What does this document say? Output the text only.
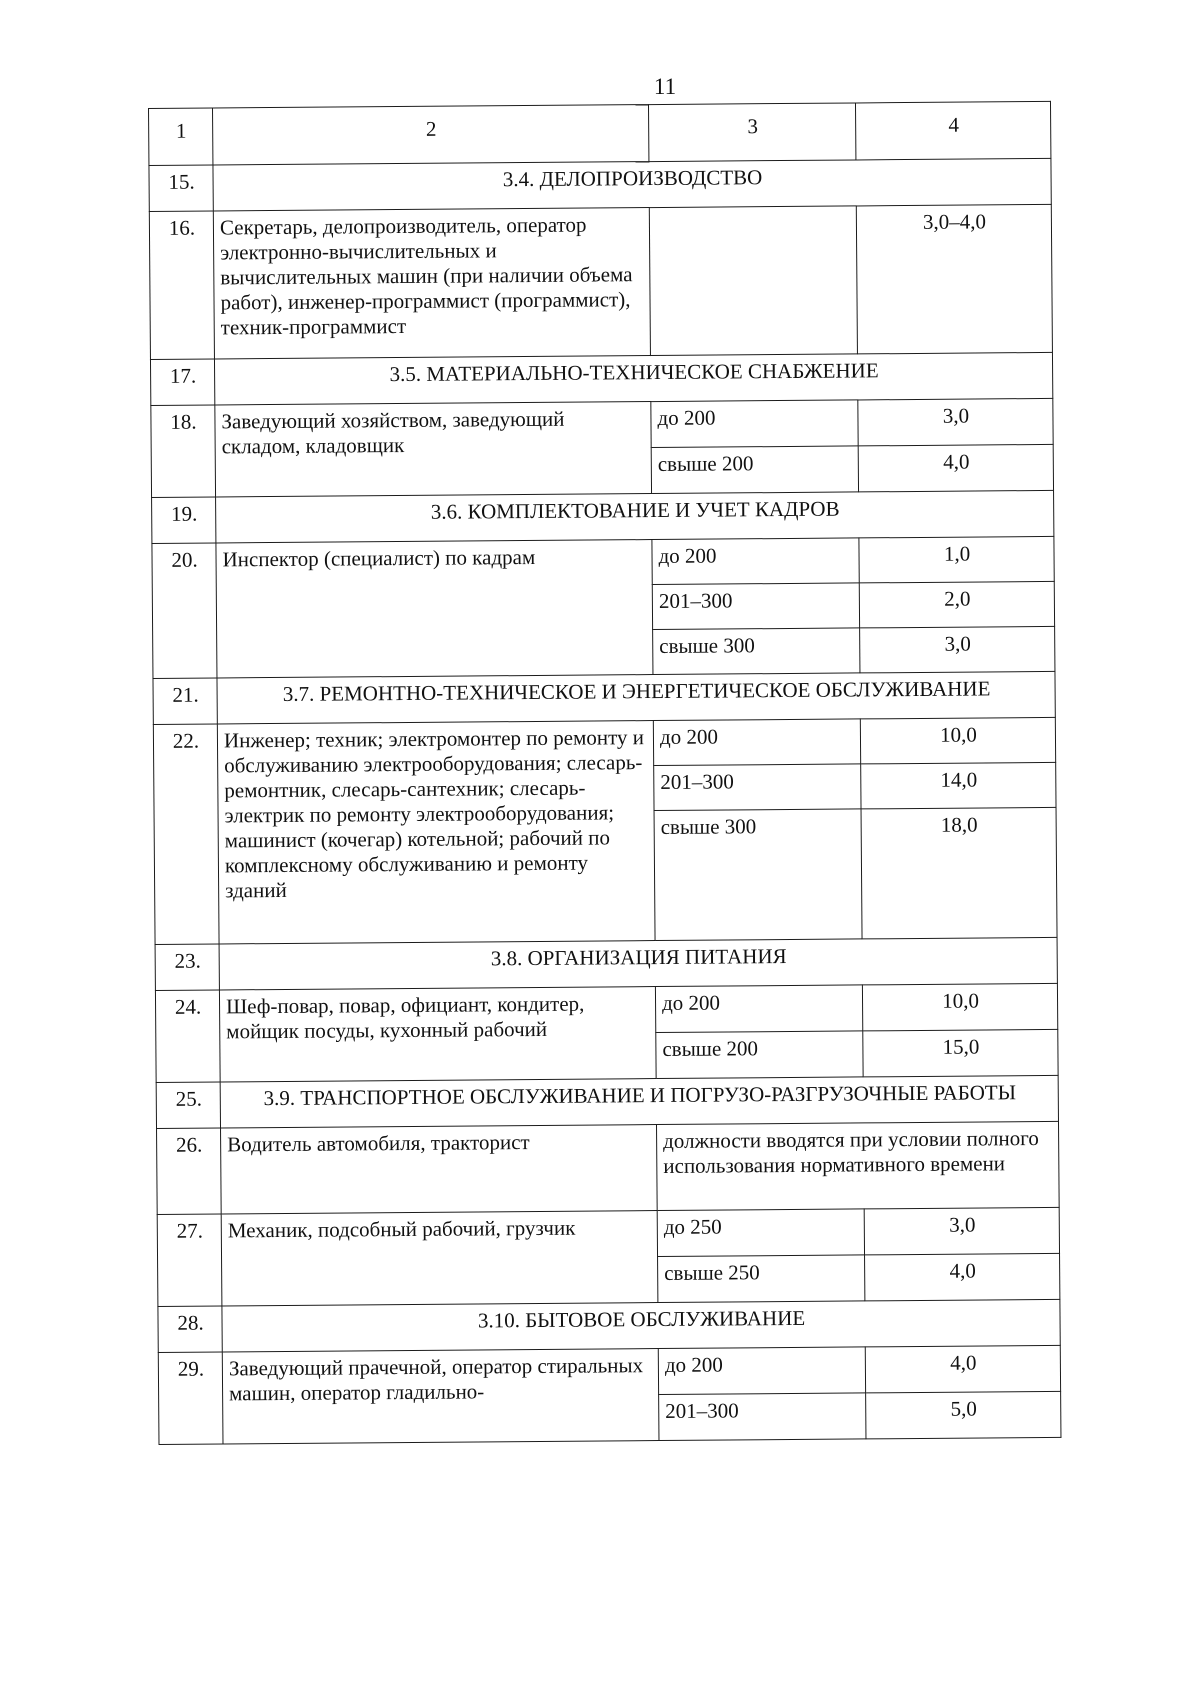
11
1	2	3	4
15.	3.4. ДЕЛОПРОИЗВОДСТВО		
16.	Секретарь, делопроизводитель, оператор электронно-вычислительных и вычислительных машин (при наличии объема работ), инженер-программист (программист), техник-программист		3,0–4,0
17.	3.5. МАТЕРИАЛЬНО-ТЕХНИЧЕСКОЕ СНАБЖЕНИЕ		
18.	Заведующий хозяйством, заведующий складом, кладовщик	до 200	3,0
		свыше 200	4,0
19.	3.6. КОМПЛЕКТОВАНИЕ И УЧЕТ КАДРОВ		
20.	Инспектор (специалист) по кадрам	до 200	1,0
		201–300	2,0
		свыше 300	3,0
21.	3.7. РЕМОНТНО-ТЕХНИЧЕСКОЕ И ЭНЕРГЕТИЧЕСКОЕ ОБСЛУЖИВАНИЕ		
22.	Инженер; техник; электромонтер по ремонту и обслуживанию электрооборудования; слесарь-ремонтник, слесарь-сантехник; слесарь-электрик по ремонту электрооборудования; машинист (кочегар) котельной; рабочий по комплексному обслуживанию и ремонту зданий	до 200	10,0
		201–300	14,0
		свыше 300	18,0
23.	3.8. ОРГАНИЗАЦИЯ ПИТАНИЯ		
24.	Шеф-повар, повар, официант, кондитер, мойщик посуды, кухонный рабочий	до 200	10,0
		свыше 200	15,0
25.	3.9. ТРАНСПОРТНОЕ ОБСЛУЖИВАНИЕ И ПОГРУЗО-РАЗГРУЗОЧНЫЕ РАБОТЫ		
26.	Водитель автомобиля, тракторист	должности вводятся при условии полного использования нормативного времени	
27.	Механик, подсобный рабочий, грузчик	до 250	3,0
		свыше 250	4,0
28.	3.10. БЫТОВОЕ ОБСЛУЖИВАНИЕ		
29.	Заведующий прачечной, оператор стиральных машин, оператор гладильно-	до 200	4,0
		201–300	5,0
